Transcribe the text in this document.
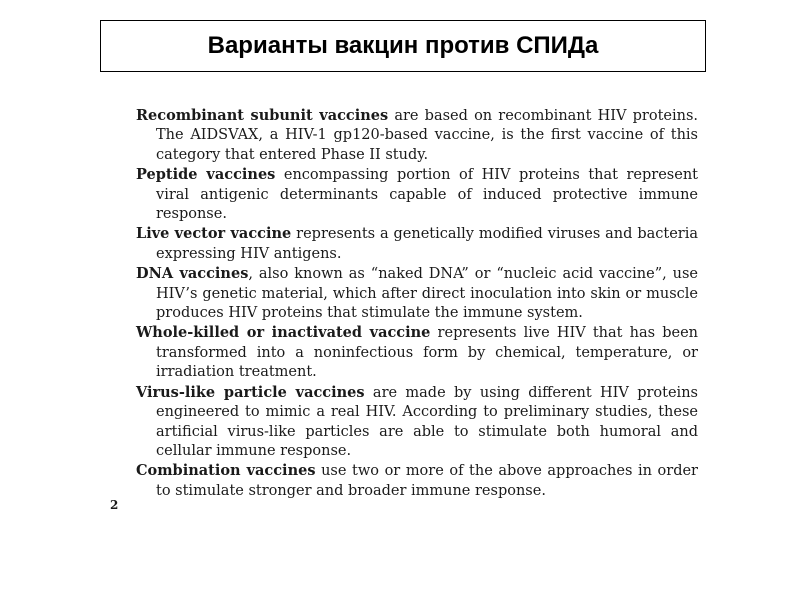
Варианты вакцин против СПИДа

Recombinant subunit vaccines are based on recombinant HIV proteins. The AIDSVAX, a HIV-1 gp120-based vaccine, is the first vaccine of this category that entered Phase II study.

Peptide vaccines encompassing portion of HIV proteins that represent viral antigenic determinants capable of induced protective immune response.

Live vector vaccine represents a genetically modified viruses and bacteria expressing HIV antigens.

DNA vaccines, also known as “naked DNA” or “nucleic acid vaccine”, use HIV’s genetic material, which after direct inoculation into skin or muscle produces HIV proteins that stimulate the immune system.

Whole-killed or inactivated vaccine represents live HIV that has been transformed into a noninfectious form by chemical, temperature, or irradiation treatment.

Virus-like particle vaccines are made by using different HIV proteins engineered to mimic a real HIV. According to preliminary studies, these artificial virus-like particles are able to stimulate both humoral and cellular immune response.

Combination vaccines use two or more of the above approaches in order to stimulate stronger and broader immune response.

2
